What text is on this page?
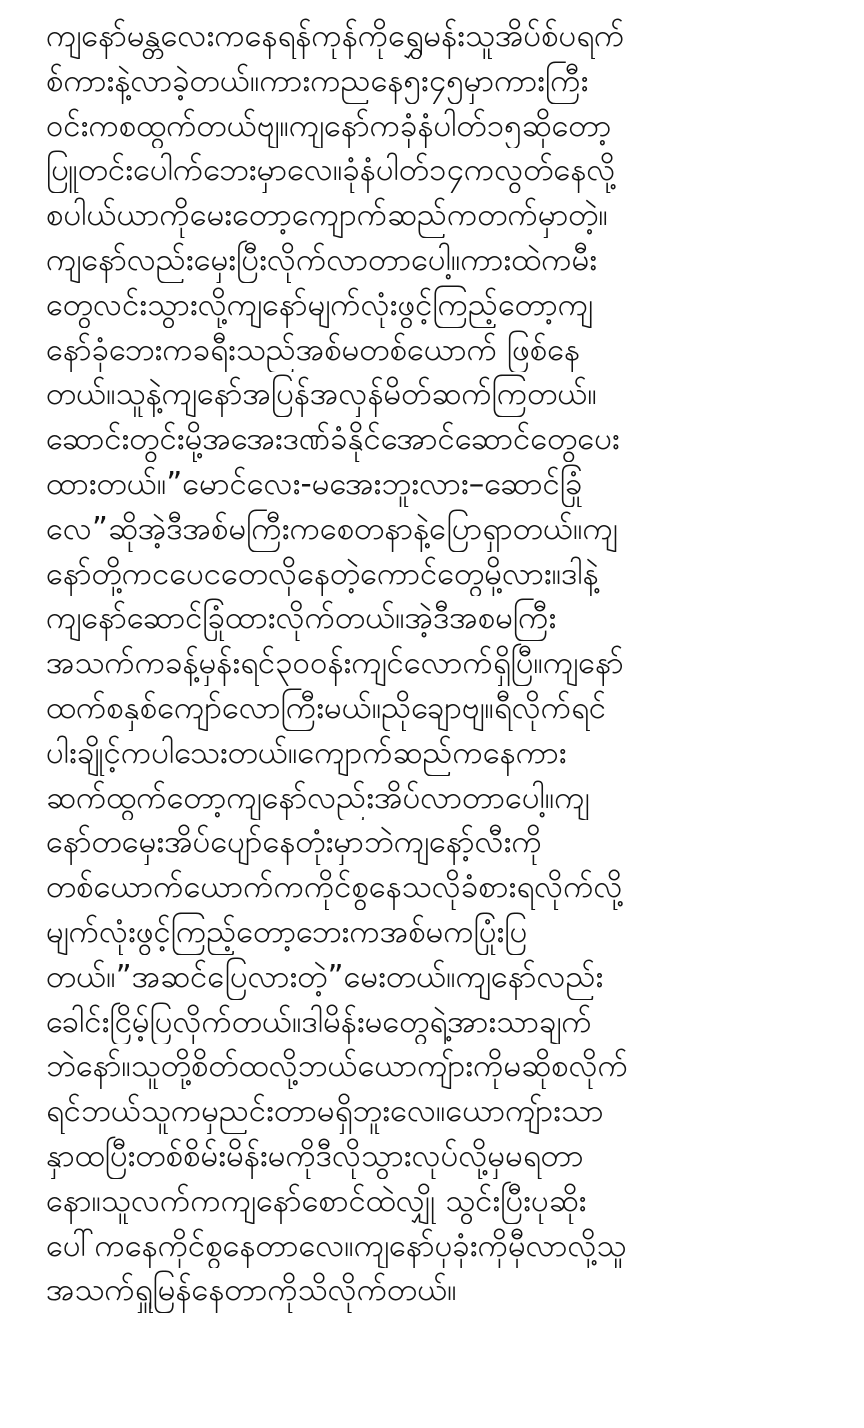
ကျနော်မန္တလေးကနေရန်ကုန်ကိုရွှေမန်းသူအိပ်စ်ပရက်
စ်ကားနဲ့လာခဲ့တယ်။ကားကညနေ၅း၄၅မှာကားကြီး
ဝင်းကစထွက်တယ်ဗျ။ကျနော်ကခုံနံပါတ်၁၅ဆိုတော့
ပြူတင်းပေါက်ဘေးမှာလေ။ခုံနံပါတ်၁၄ကလွတ်နေလို့
စပါယ်ယာကိုမေးတော့ကျောက်ဆည်ကတက်မှာတဲ့။
ကျနော်လည်းမှေးပြီးလိုက်လာတာပေါ့။ကားထဲကမီး
တွေလင်းသွားလို့ကျနော်မျက်လုံးဖွင့်ကြည့်တော့ကျ
နော်ခုံဘေးကခရီးသည်အစ်မတစ်ယောက် ဖြစ်နေ
တယ်။သူနဲ့ကျနော်အပြန်အလှန်မိတ်ဆက်ကြတယ်။
ဆောင်းတွင်းမို့အအေးဒဏ်ခံနိုင်အောင်ဆောင်တွေပေး
ထားတယ်။”မောင်လေး-မအေးဘူးလား–ဆောင်ခြုံ
လေ”ဆိုအဲ့ဒီအစ်မကြီးကစေတနာနဲ့ပြောရှာတယ်။ကျ
နော်တို့ကငပေငတေလိုနေတဲ့ကောင်တွေမို့လား။ဒါနဲ့
ကျနော်ဆောင်ခြုံထားလိုက်တယ်။အဲ့ဒီအစမကြီး
အသက်ကခန့်မှန်းရင်၃၀၀န်းကျင်လောက်ရှိပြီ။ကျနော်
ထက်စနှစ်ကျော်လောကြီးမယ်။ညိုချောဗျ။ရီလိုက်ရင်
ပါးချိုင့်ကပါသေးတယ်။ကျောက်ဆည်ကနေကား
ဆက်ထွက်တော့ကျနော်လည်းအိပ်လာတာပေါ့။ကျ
နော်တမှေးအိပ်ပျော်နေတုံးမှာဘဲကျနော့်လီးကို
တစ်ယောက်ယောက်ကကိုင်စွနေသလိုခံစားရလိုက်လို့
မျက်လုံးဖွင့်ကြည့်တော့ဘေးကအစ်မကပြုံးပြ
တယ်။”အဆင်ပြေလားတဲ့”မေးတယ်။ကျနော်လည်း
ခေါင်းငြိမ့်ပြလိုက်တယ်။ဒါမိန်းမတွေရဲ့အားသာချက်
ဘဲနော်။သူတို့စိတ်ထလို့ဘယ်ယောကျ်ားကိုမဆိုစလိုက်
ရင်ဘယ်သူကမှညင်းတာမရှိဘူးလေ။ယောကျ်ားသာ
နှာထပြီးတစ်စိမ်းမိန်းမကိုဒီလိုသွားလုပ်လို့မှမရတာ
နော။သူလက်ကကျနော်စောင်ထဲလျှို သွင်းပြီးပုဆိုး
ပေါ်ကနေကိုင်စွနေတာလေ။ကျနော်ပုခုံးကိုမှီလာလို့သူ
အသက်ရှူမြန်နေတာကိုသိလိုက်တယ်။
